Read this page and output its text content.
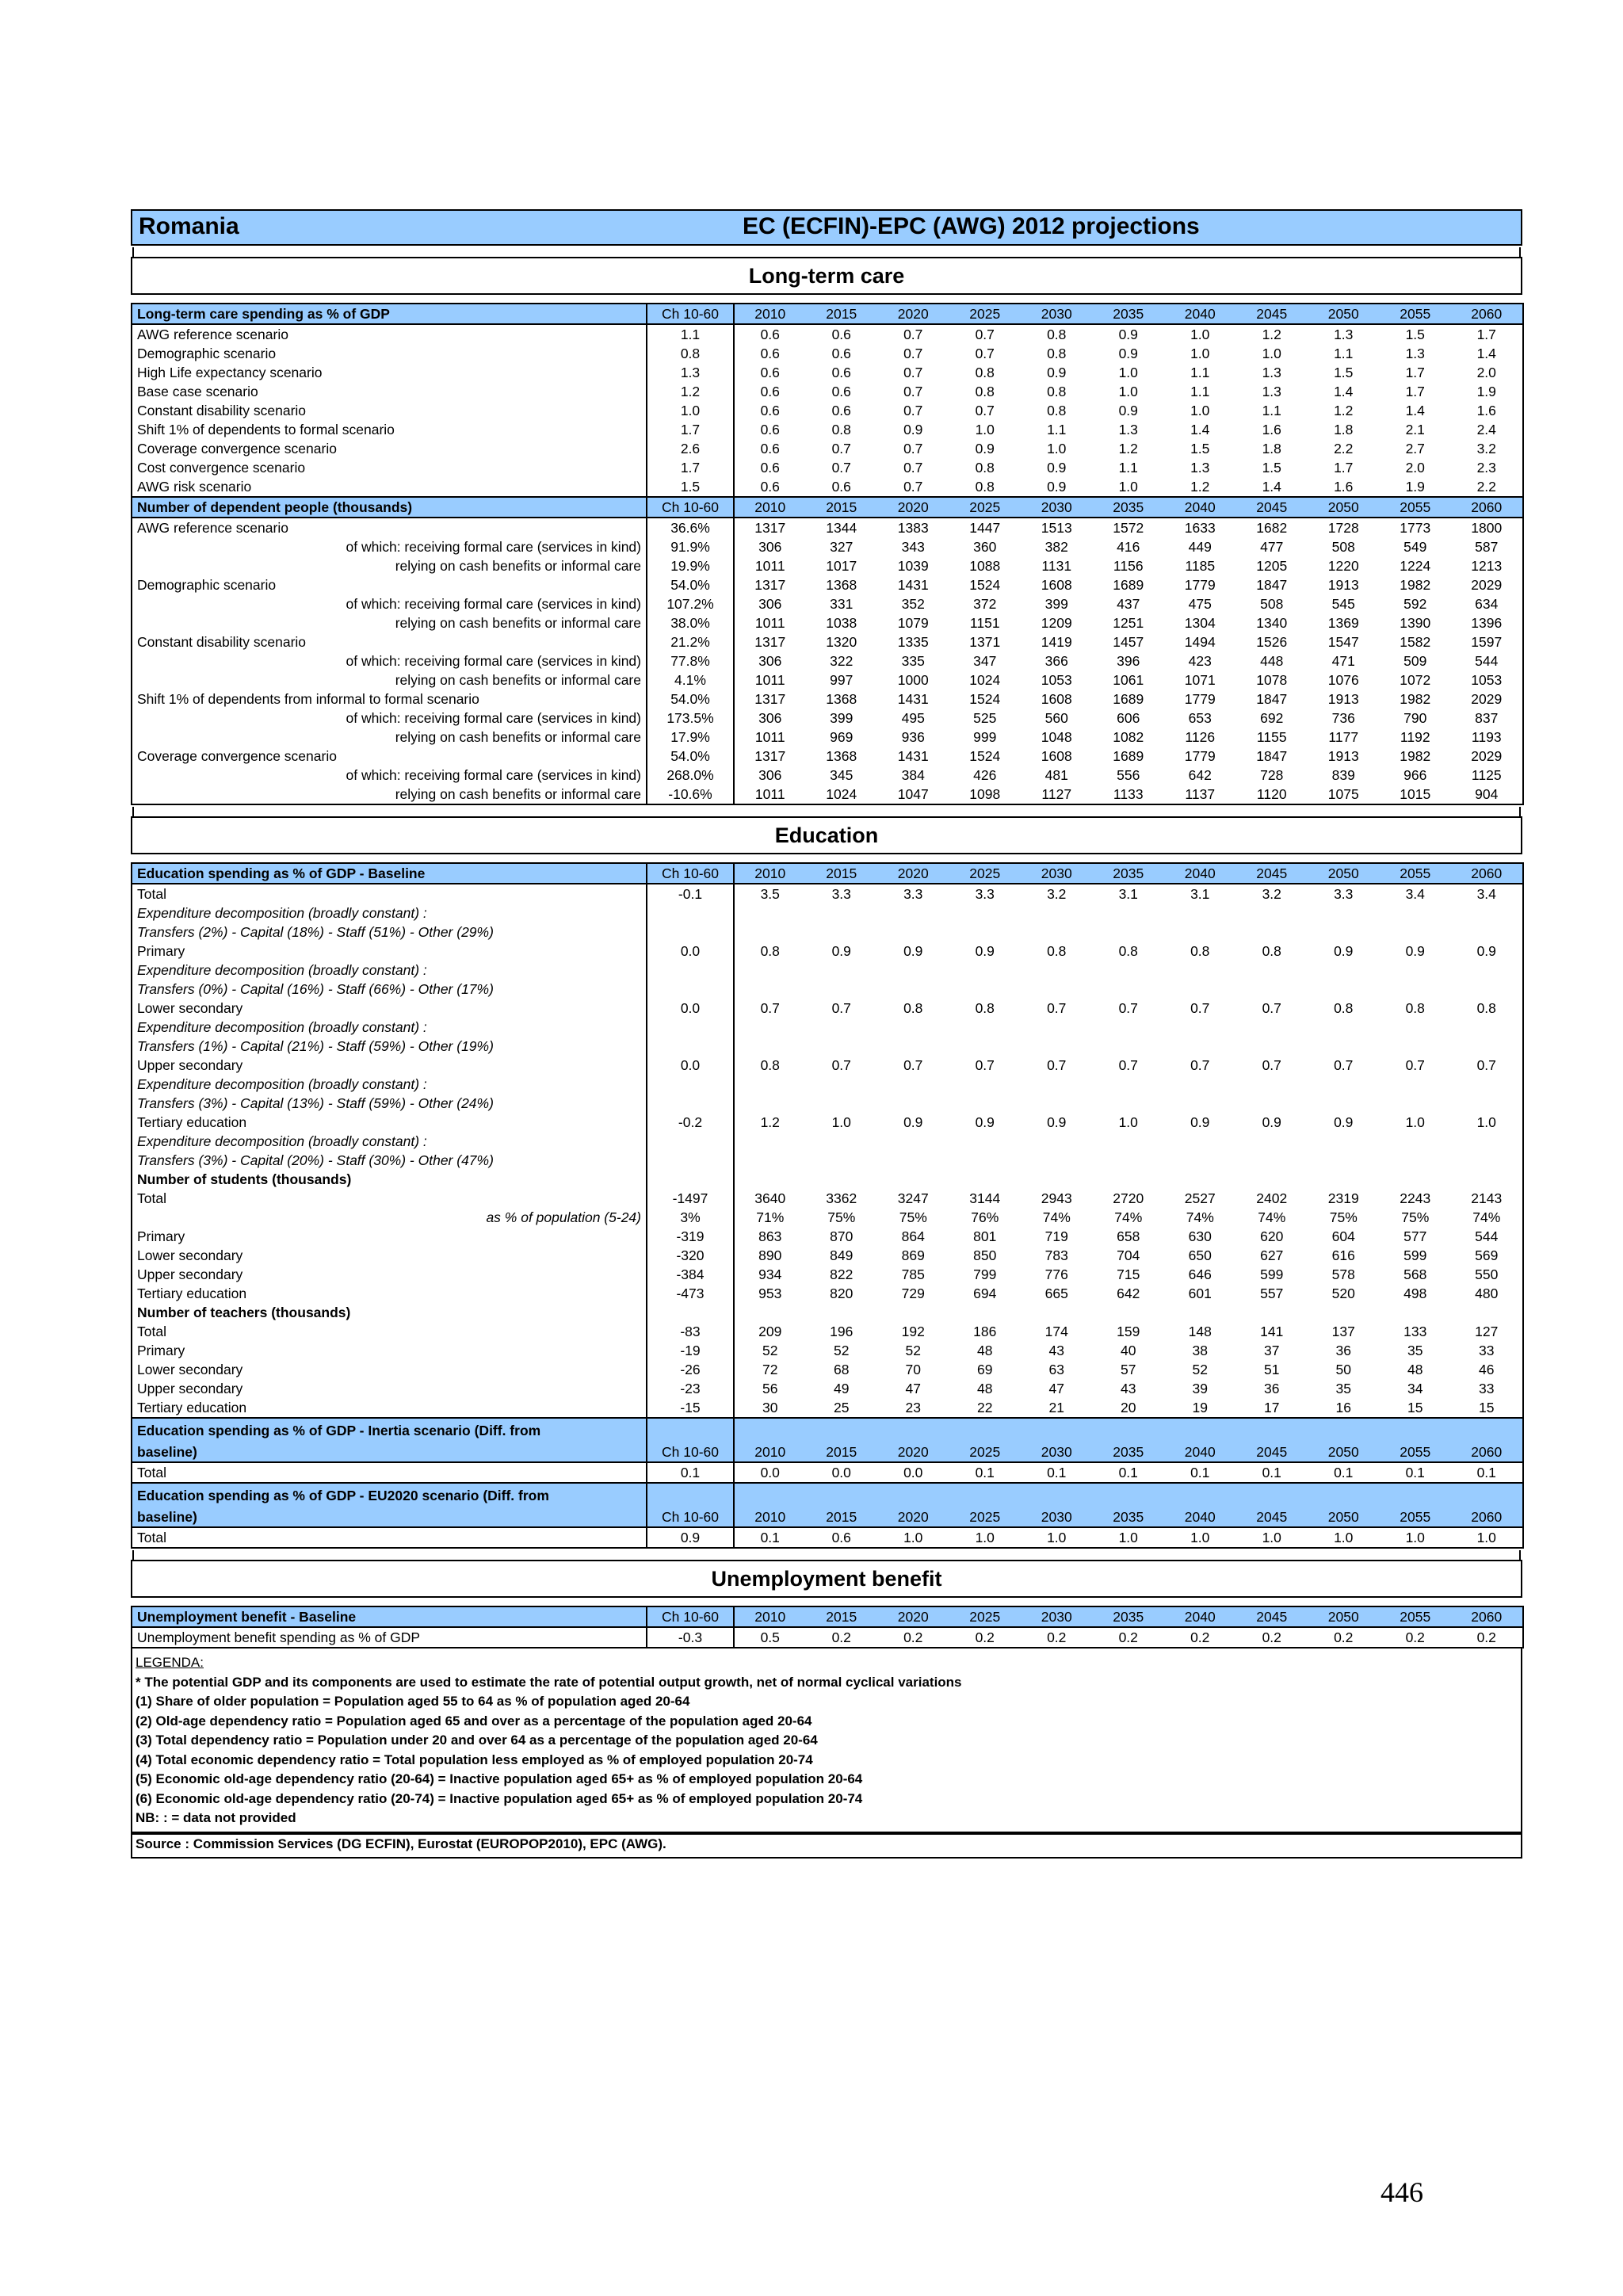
Romania	EC (ECFIN)-EPC (AWG) 2012 projections
Long-term care
Long-term care spending as % of GDP	Ch 10-60	2010	2015	2020	2025	2030	2035	2040	2045	2050	2055	2060
AWG reference scenario	1.1	0.6	0.6	0.7	0.7	0.8	0.9	1.0	1.2	1.3	1.5	1.7
Demographic scenario	0.8	0.6	0.6	0.7	0.7	0.8	0.9	1.0	1.0	1.1	1.3	1.4
High Life expectancy scenario	1.3	0.6	0.6	0.7	0.8	0.9	1.0	1.1	1.3	1.5	1.7	2.0
Base case scenario	1.2	0.6	0.6	0.7	0.8	0.8	1.0	1.1	1.3	1.4	1.7	1.9
Constant disability scenario	1.0	0.6	0.6	0.7	0.7	0.8	0.9	1.0	1.1	1.2	1.4	1.6
Shift 1% of dependents to formal scenario	1.7	0.6	0.8	0.9	1.0	1.1	1.3	1.4	1.6	1.8	2.1	2.4
Coverage convergence scenario	2.6	0.6	0.7	0.7	0.9	1.0	1.2	1.5	1.8	2.2	2.7	3.2
Cost convergence scenario	1.7	0.6	0.7	0.7	0.8	0.9	1.1	1.3	1.5	1.7	2.0	2.3
AWG risk scenario	1.5	0.6	0.6	0.7	0.8	0.9	1.0	1.2	1.4	1.6	1.9	2.2
Number of dependent people (thousands)	Ch 10-60	2010	2015	2020	2025	2030	2035	2040	2045	2050	2055	2060
AWG reference scenario	36.6%	1317	1344	1383	1447	1513	1572	1633	1682	1728	1773	1800
of which: receiving formal care (services in kind)	91.9%	306	327	343	360	382	416	449	477	508	549	587
relying on cash benefits or informal care	19.9%	1011	1017	1039	1088	1131	1156	1185	1205	1220	1224	1213
Demographic scenario	54.0%	1317	1368	1431	1524	1608	1689	1779	1847	1913	1982	2029
of which: receiving formal care (services in kind)	107.2%	306	331	352	372	399	437	475	508	545	592	634
relying on cash benefits or informal care	38.0%	1011	1038	1079	1151	1209	1251	1304	1340	1369	1390	1396
Constant disability scenario	21.2%	1317	1320	1335	1371	1419	1457	1494	1526	1547	1582	1597
of which: receiving formal care (services in kind)	77.8%	306	322	335	347	366	396	423	448	471	509	544
relying on cash benefits or informal care	4.1%	1011	997	1000	1024	1053	1061	1071	1078	1076	1072	1053
Shift 1% of dependents from informal to formal scenario	54.0%	1317	1368	1431	1524	1608	1689	1779	1847	1913	1982	2029
of which: receiving formal care (services in kind)	173.5%	306	399	495	525	560	606	653	692	736	790	837
relying on cash benefits or informal care	17.9%	1011	969	936	999	1048	1082	1126	1155	1177	1192	1193
Coverage convergence scenario	54.0%	1317	1368	1431	1524	1608	1689	1779	1847	1913	1982	2029
of which: receiving formal care (services in kind)	268.0%	306	345	384	426	481	556	642	728	839	966	1125
relying on cash benefits or informal care	-10.6%	1011	1024	1047	1098	1127	1133	1137	1120	1075	1015	904
Education
Education spending as % of GDP - Baseline	Ch 10-60	2010	2015	2020	2025	2030	2035	2040	2045	2050	2055	2060
Total	-0.1	3.5	3.3	3.3	3.3	3.2	3.1	3.1	3.2	3.3	3.4	3.4
Expenditure decomposition (broadly constant) :												
Transfers (2%) - Capital (18%) - Staff (51%) - Other (29%)												
Primary	0.0	0.8	0.9	0.9	0.9	0.8	0.8	0.8	0.8	0.9	0.9	0.9
Expenditure decomposition (broadly constant) :												
Transfers (0%) - Capital (16%) - Staff (66%) - Other (17%)												
Lower secondary	0.0	0.7	0.7	0.8	0.8	0.7	0.7	0.7	0.7	0.8	0.8	0.8
Expenditure decomposition (broadly constant) :												
Transfers (1%) - Capital (21%) - Staff (59%) - Other (19%)												
Upper secondary	0.0	0.8	0.7	0.7	0.7	0.7	0.7	0.7	0.7	0.7	0.7	0.7
Expenditure decomposition (broadly constant) :												
Transfers (3%) - Capital (13%) - Staff (59%) - Other (24%)												
Tertiary education	-0.2	1.2	1.0	0.9	0.9	0.9	1.0	0.9	0.9	0.9	1.0	1.0
Expenditure decomposition (broadly constant) :												
Transfers (3%) - Capital (20%) - Staff (30%) - Other (47%)												
Number of students (thousands)												
Total	-1497	3640	3362	3247	3144	2943	2720	2527	2402	2319	2243	2143
as % of population (5-24)	3%	71%	75%	75%	76%	74%	74%	74%	74%	75%	75%	74%
Primary	-319	863	870	864	801	719	658	630	620	604	577	544
Lower secondary	-320	890	849	869	850	783	704	650	627	616	599	569
Upper secondary	-384	934	822	785	799	776	715	646	599	578	568	550
Tertiary education	-473	953	820	729	694	665	642	601	557	520	498	480
Number of teachers (thousands)												
Total	-83	209	196	192	186	174	159	148	141	137	133	127
Primary	-19	52	52	52	48	43	40	38	37	36	35	33
Lower secondary	-26	72	68	70	69	63	57	52	51	50	48	46
Upper secondary	-23	56	49	47	48	47	43	39	36	35	34	33
Tertiary education	-15	30	25	23	22	21	20	19	17	16	15	15
Education spending as % of GDP - Inertia scenario (Diff. from												
baseline)	Ch 10-60	2010	2015	2020	2025	2030	2035	2040	2045	2050	2055	2060
Total	0.1	0.0	0.0	0.0	0.1	0.1	0.1	0.1	0.1	0.1	0.1	0.1
Education spending as % of GDP - EU2020 scenario (Diff. from												
baseline)	Ch 10-60	2010	2015	2020	2025	2030	2035	2040	2045	2050	2055	2060
Total	0.9	0.1	0.6	1.0	1.0	1.0	1.0	1.0	1.0	1.0	1.0	1.0
Unemployment benefit
Unemployment benefit - Baseline	Ch 10-60	2010	2015	2020	2025	2030	2035	2040	2045	2050	2055	2060
Unemployment benefit spending as % of GDP	-0.3	0.5	0.2	0.2	0.2	0.2	0.2	0.2	0.2	0.2	0.2	0.2
LEGENDA:
* The potential GDP and its components are used to estimate the rate of potential output growth, net of normal cyclical variations
(1) Share of older population = Population aged 55 to 64 as % of population aged 20-64
(2) Old-age dependency ratio = Population aged 65 and over as a percentage of the population aged 20-64
(3) Total dependency ratio = Population under 20 and over 64 as a percentage of the population aged 20-64
(4) Total economic dependency ratio = Total population less employed as % of employed population 20-74
(5) Economic old-age dependency ratio (20-64) = Inactive population aged 65+ as % of employed population 20-64
(6) Economic old-age dependency ratio (20-74) = Inactive population aged 65+ as % of employed population 20-74
NB: : = data not provided
Source : Commission Services (DG ECFIN), Eurostat (EUROPOP2010), EPC (AWG).
446
